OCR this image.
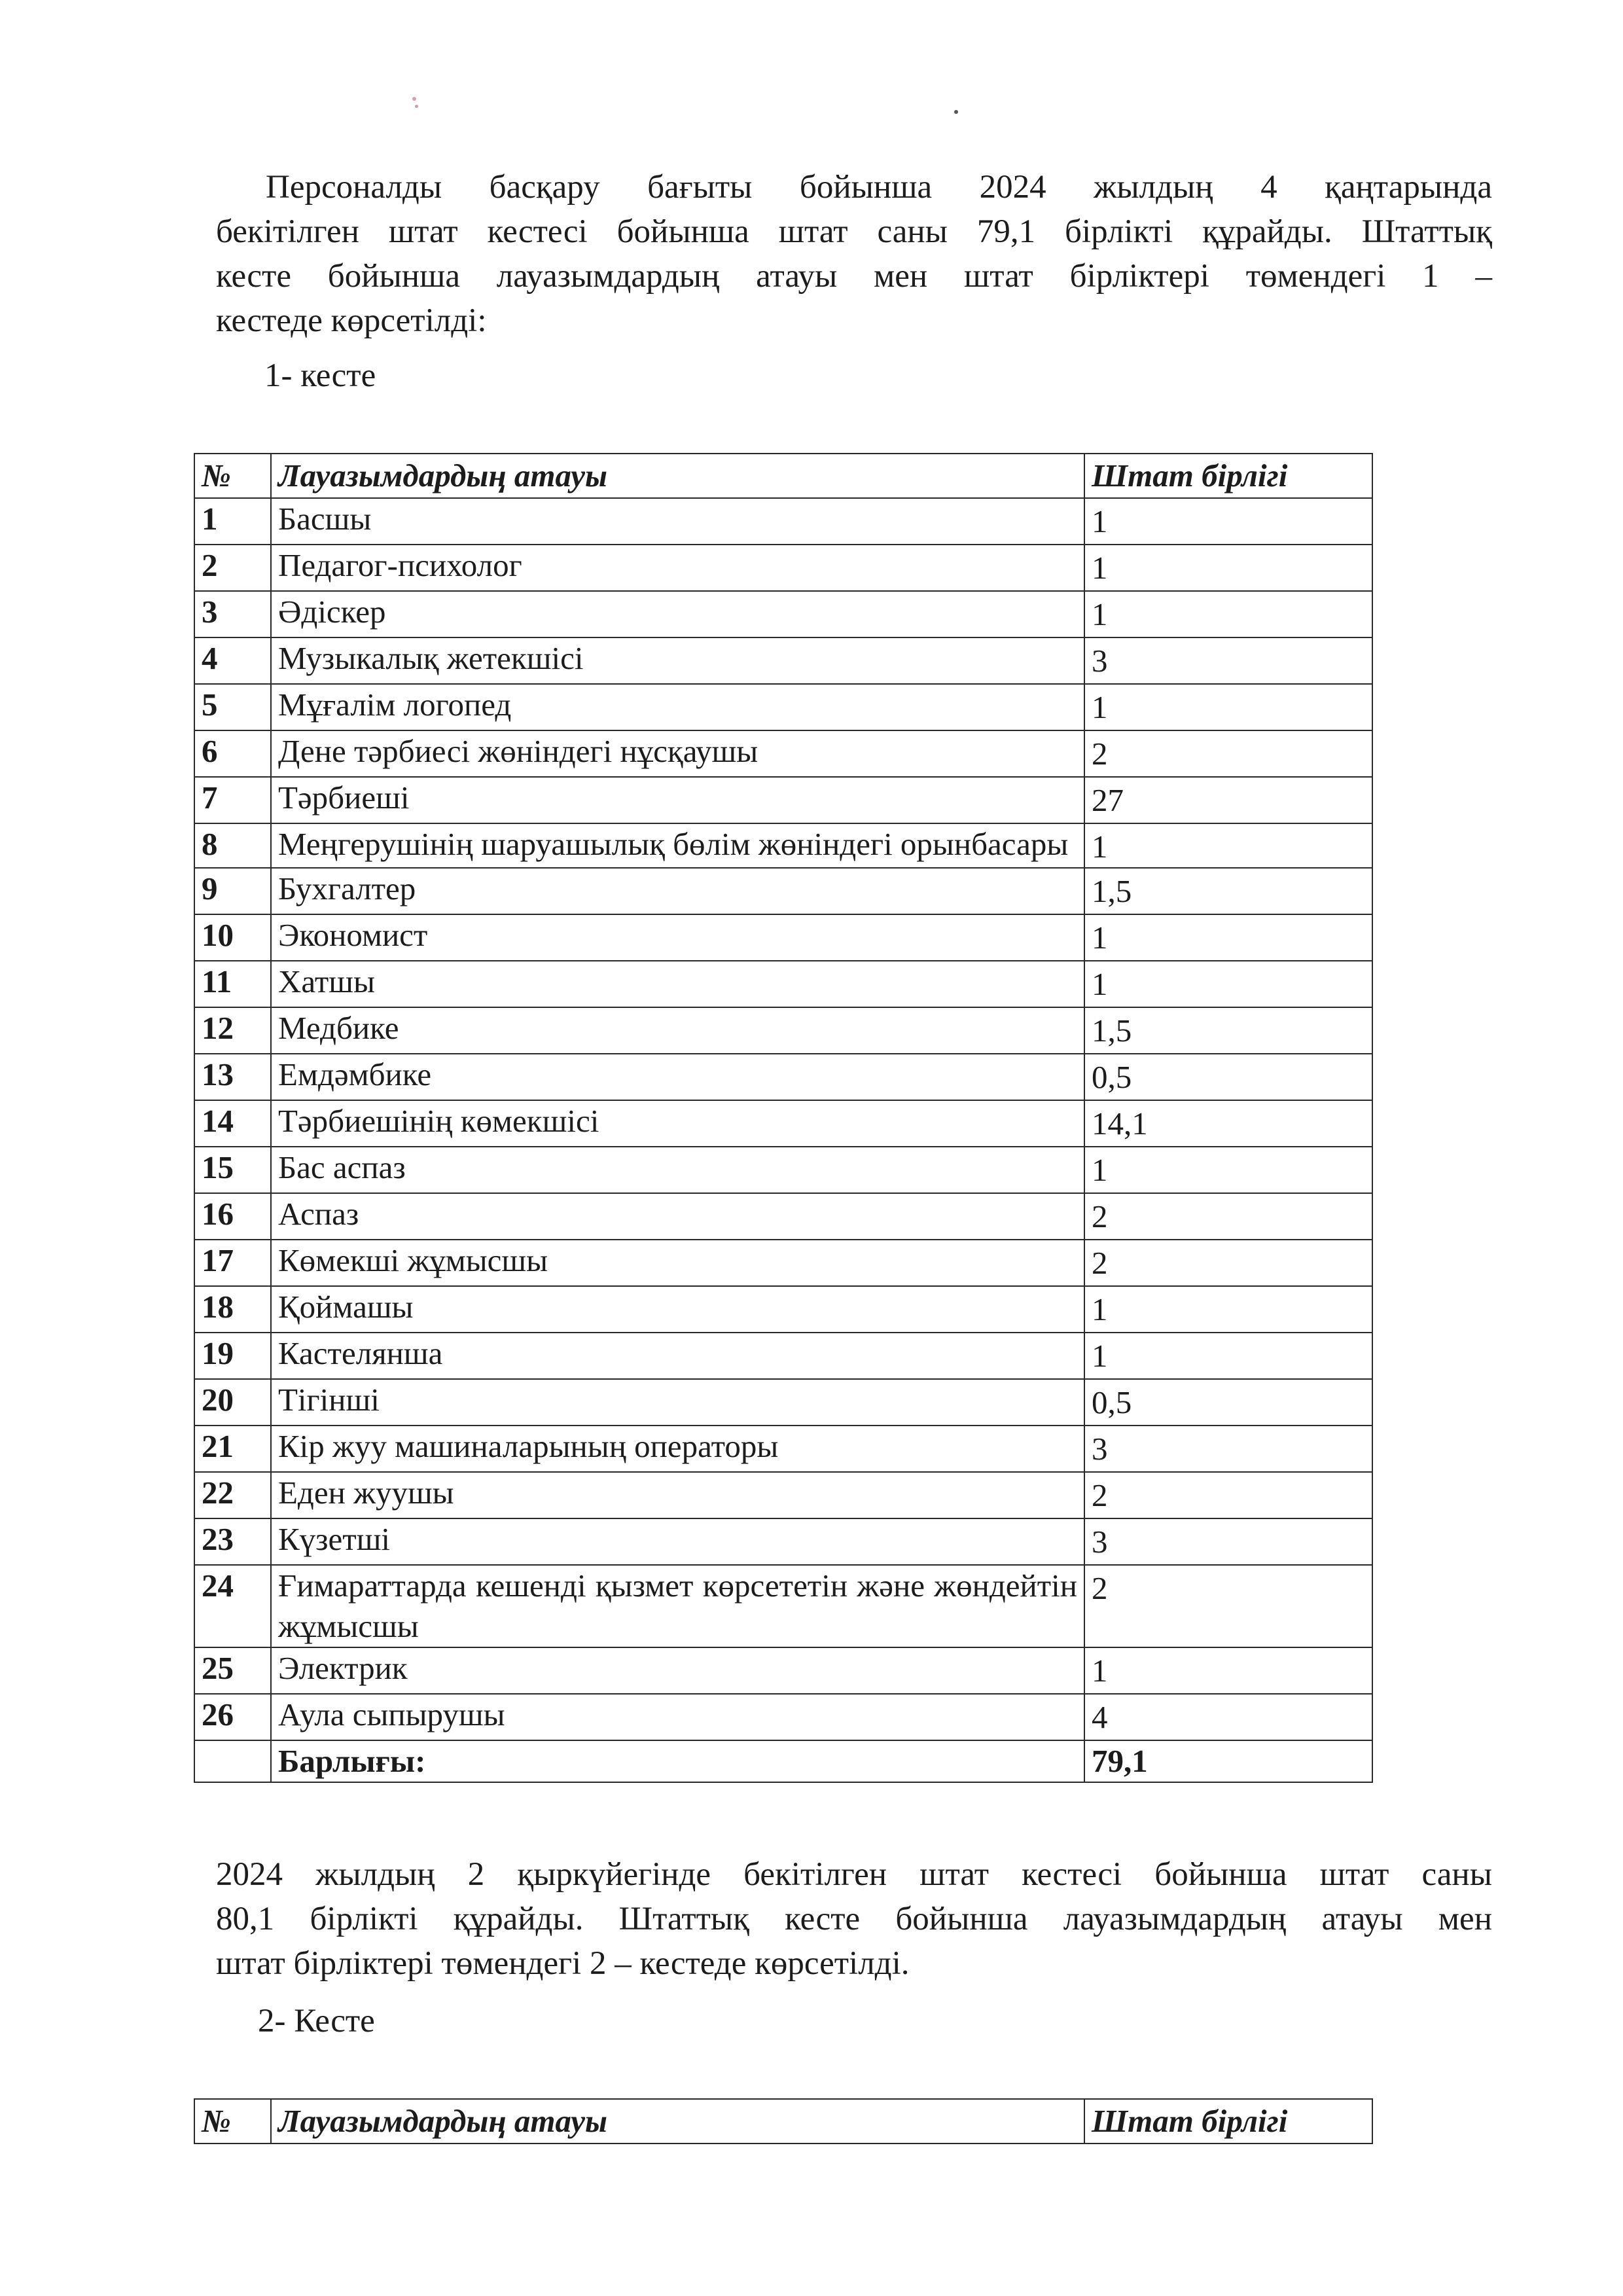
Персоналды басқару бағыты бойынша 2024 жылдың 4 қаңтарында
бекітілген штат кестесі бойынша штат саны 79,1 бірлікті құрайды. Штаттық
кесте бойынша лауазымдардың атауы мен штат бірліктері төмендегі 1 –
кестеде көрсетілді:

1- кесте

№	Лауазымдардың атауы	Штат бірлігі
1	Басшы	1
2	Педагог-психолог	1
3	Әдіскер	1
4	Музыкалық жетекшісі	3
5	Мұғалім логопед	1
6	Дене тәрбиесі жөніндегі нұсқаушы	2
7	Тәрбиеші	27
8	Меңгерушінің шаруашылық бөлім жөніндегі орынбасары	1
9	Бухгалтер	1,5
10	Экономист	1
11	Хатшы	1
12	Медбике	1,5
13	Емдәмбике	0,5
14	Тәрбиешінің көмекшісі	14,1
15	Бас аспаз	1
16	Аспаз	2
17	Көмекші жұмысшы	2
18	Қоймашы	1
19	Кастелянша	1
20	Тігінші	0,5
21	Кір жуу машиналарының операторы	3
22	Еден жуушы	2
23	Күзетші	3
24	Ғимараттарда кешенді қызмет көрсететін және жөндейтін жұмысшы	2
25	Электрик	1
26	Аула сыпырушы	4
	Барлығы:	79,1
2024 жылдың 2 қыркүйегінде бекітілген штат кестесі бойынша штат саны
80,1 бірлікті құрайды. Штаттық кесте бойынша лауазымдардың атауы мен
штат бірліктері төмендегі 2 – кестеде көрсетілді.

2- Кесте

№	Лауазымдардың атауы	Штат бірлігі
